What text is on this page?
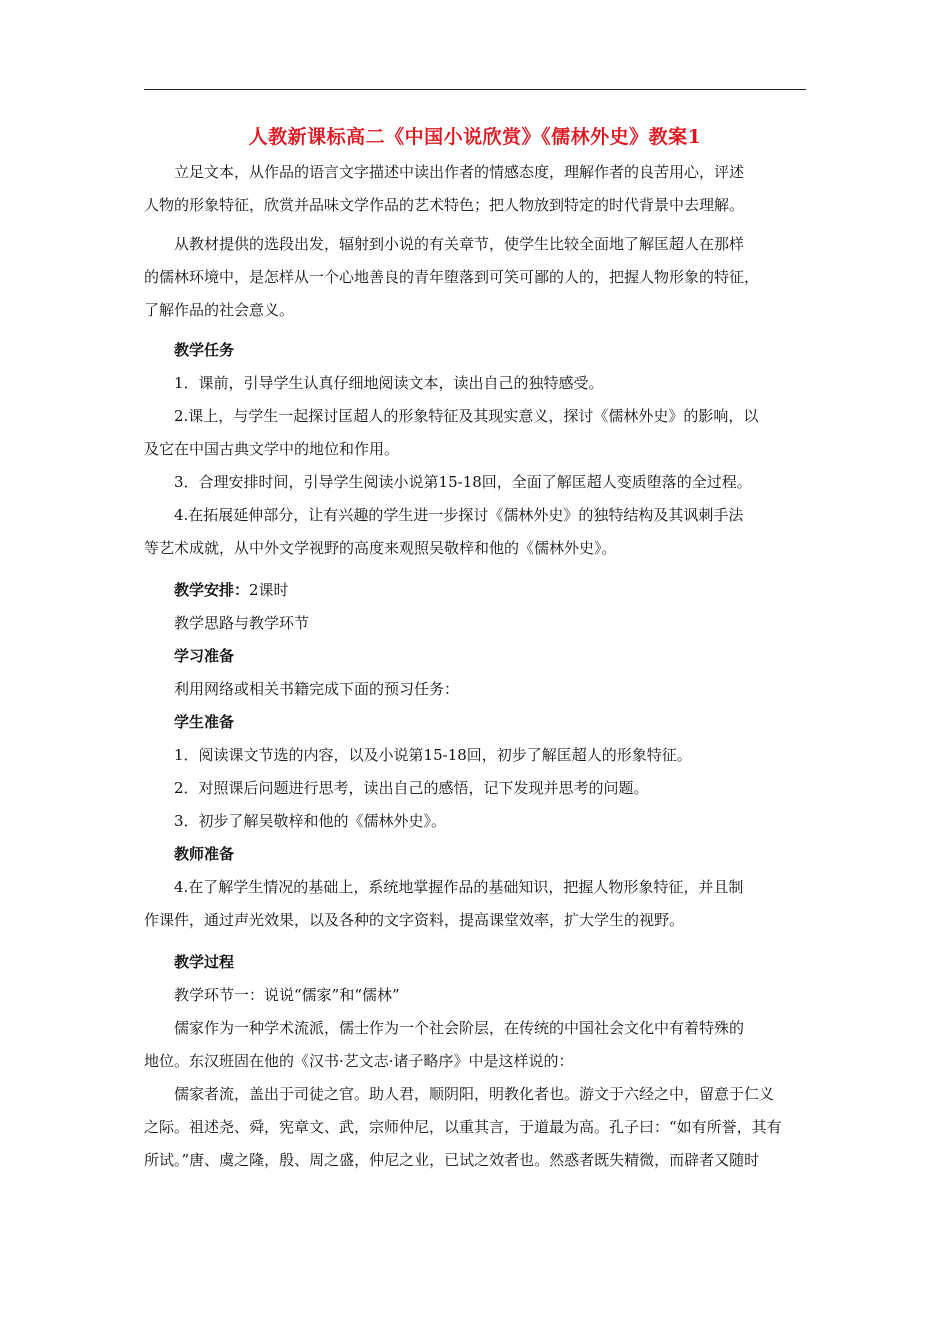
人教新课标高二《中国小说欣赏》《儒林外史》教案1
立足文本，从作品的语言文字描述中读出作者的情感态度，理解作者的良苦用心，评述
人物的形象特征，欣赏并品味文学作品的艺术特色；把人物放到特定的时代背景中去理解。
从教材提供的选段出发，辐射到小说的有关章节，使学生比较全面地了解匡超人在那样
的儒林环境中，是怎样从一个心地善良的青年堕落到可笑可鄙的人的，把握人物形象的特征，
了解作品的社会意义。
教学任务
1．课前，引导学生认真仔细地阅读文本，读出自己的独特感受。
2.课上，与学生一起探讨匡超人的形象特征及其现实意义，探讨《儒林外史》的影响，以
及它在中国古典文学中的地位和作用。
3．合理安排时间，引导学生阅读小说第15-18回，全面了解匡超人变质堕落的全过程。
4.在拓展延伸部分，让有兴趣的学生进一步探讨《儒林外史》的独特结构及其讽刺手法
等艺术成就，从中外文学视野的高度来观照吴敬梓和他的《儒林外史》。
教学安排：2课时
教学思路与教学环节
学习准备
利用网络或相关书籍完成下面的预习任务：
学生准备
1．阅读课文节选的内容，以及小说第15-18回，初步了解匡超人的形象特征。
2．对照课后问题进行思考，读出自己的感悟，记下发现并思考的问题。
3．初步了解吴敬梓和他的《儒林外史》。
教师准备
4.在了解学生情况的基础上，系统地掌握作品的基础知识，把握人物形象特征，并且制
作课件，通过声光效果，以及各种的文字资料，提高课堂效率，扩大学生的视野。
教学过程
教学环节一：说说“儒家”和“儒林”
儒家作为一种学术流派，儒士作为一个社会阶层，在传统的中国社会文化中有着特殊的
地位。东汉班固在他的《汉书·艺文志·诸子略序》中是这样说的：
儒家者流，盖出于司徒之官。助人君，顺阴阳，明教化者也。游文于六经之中，留意于仁义
之际。祖述尧、舜，宪章文、武，宗师仲尼，以重其言，于道最为高。孔子曰：“如有所誉，其有
所试。”唐、虞之隆，殷、周之盛，仲尼之业，已试之效者也。然惑者既失精微，而辟者又随时
